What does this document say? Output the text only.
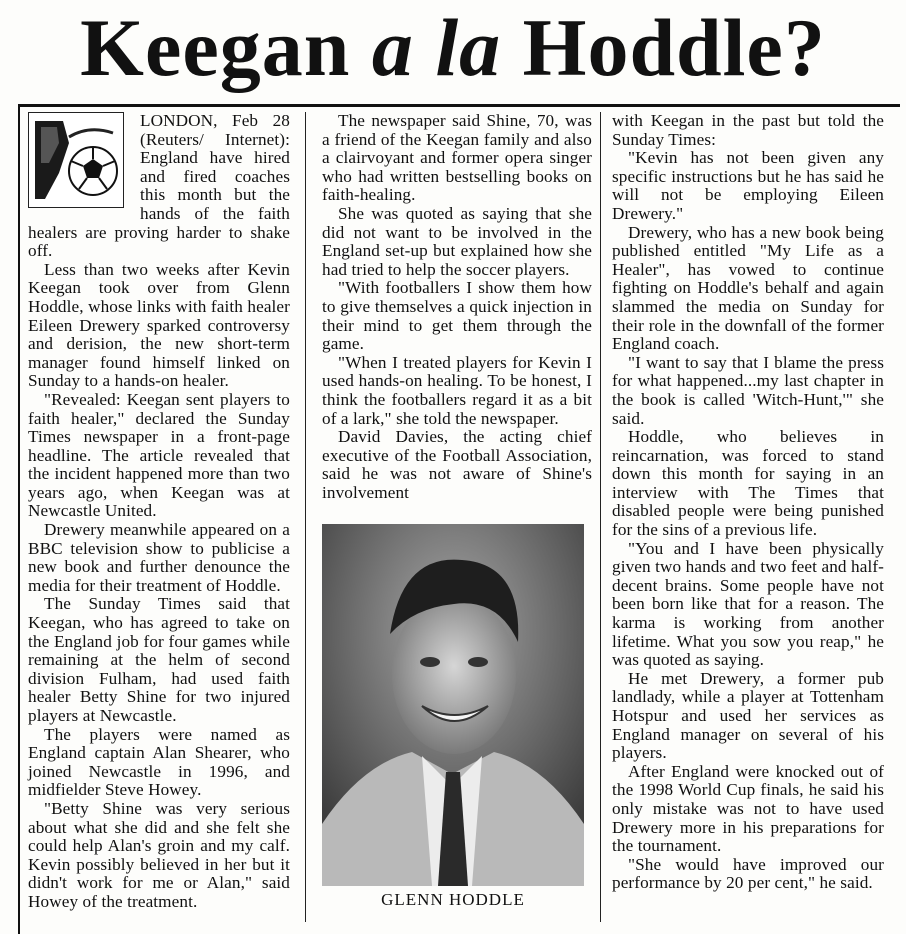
Keegan a la Hoddle?

LONDON, Feb 28 (Reuters/ Internet): England have hired and fired coaches this month but the hands of the faith healers are proving harder to shake off.

Less than two weeks after Kevin Keegan took over from Glenn Hoddle, whose links with faith healer Eileen Drewery sparked controversy and derision, the new short-term manager found himself linked on Sunday to a hands-on healer.

"Revealed: Keegan sent players to faith healer," declared the Sunday Times newspaper in a front-page headline. The article revealed that the incident happened more than two years ago, when Keegan was at Newcastle United.

Drewery meanwhile appeared on a BBC television show to publicise a new book and further denounce the media for their treatment of Hoddle.

The Sunday Times said that Keegan, who has agreed to take on the England job for four games while remaining at the helm of second division Fulham, had used faith healer Betty Shine for two injured players at Newcastle.

The players were named as England captain Alan Shearer, who joined Newcastle in 1996, and midfielder Steve Howey.

"Betty Shine was very serious about what she did and she felt she could help Alan's groin and my calf. Kevin possibly believed in her but it didn't work for me or Alan," said Howey of the treatment.

The newspaper said Shine, 70, was a friend of the Keegan family and also a clairvoyant and former opera singer who had written bestselling books on faith-healing.

She was quoted as saying that she did not want to be involved in the England set-up but explained how she had tried to help the soccer players.

"With footballers I show them how to give themselves a quick injection in their mind to get them through the game.

"When I treated players for Kevin I used hands-on healing. To be honest, I think the footballers regard it as a bit of a lark," she told the newspaper.

David Davies, the acting chief executive of the Football Association, said he was not aware of Shine's involvement

GLENN HODDLE

with Keegan in the past but told the Sunday Times:

"Kevin has not been given any specific instructions but he has said he will not be employing Eileen Drewery."

Drewery, who has a new book being published entitled "My Life as a Healer", has vowed to continue fighting on Hoddle's behalf and again slammed the media on Sunday for their role in the downfall of the former England coach.

"I want to say that I blame the press for what happened...my last chapter in the book is called 'Witch-Hunt,'" she said.

Hoddle, who believes in reincarnation, was forced to stand down this month for saying in an interview with The Times that disabled people were being punished for the sins of a previous life.

"You and I have been physically given two hands and two feet and half-decent brains. Some people have not been born like that for a reason. The karma is working from another lifetime. What you sow you reap," he was quoted as saying.

He met Drewery, a former pub landlady, while a player at Tottenham Hotspur and used her services as England manager on several of his players.

After England were knocked out of the 1998 World Cup finals, he said his only mistake was not to have used Drewery more in his preparations for the tournament.

"She would have improved our performance by 20 per cent," he said.
